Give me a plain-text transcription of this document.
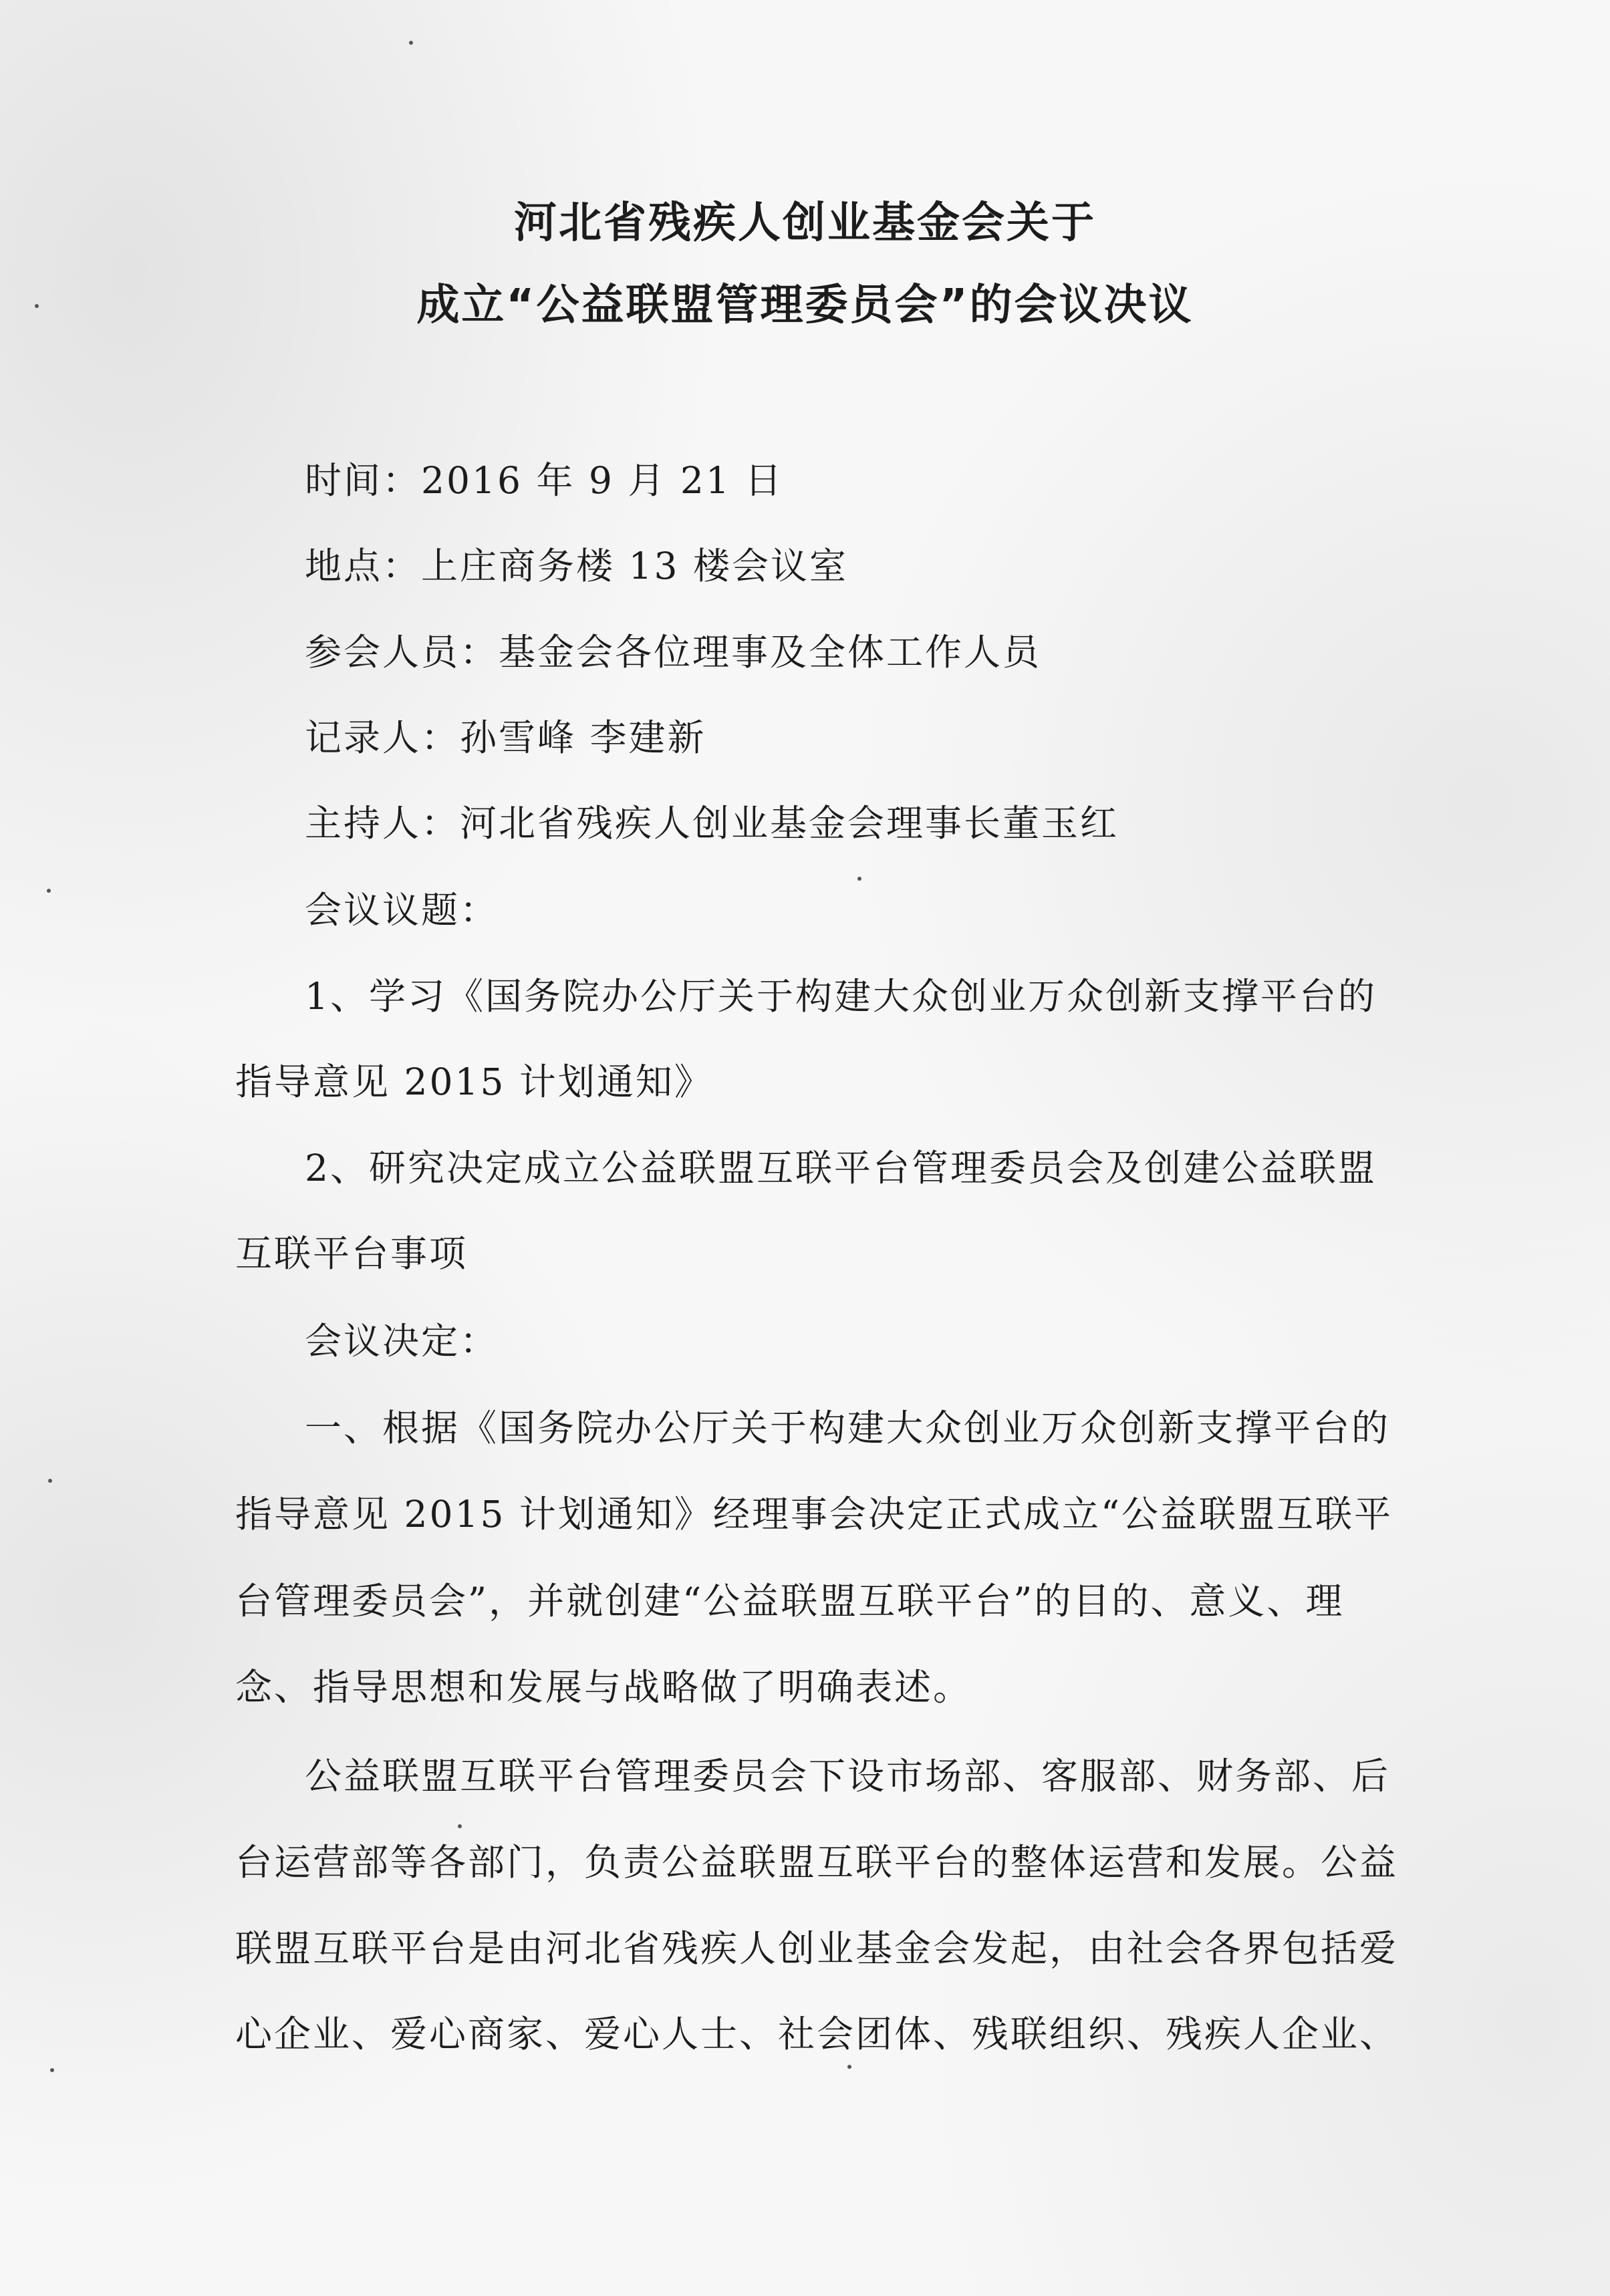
河北省残疾人创业基金会关于
成立“公益联盟管理委员会”的会议决议
时间：2016 年 9 月 21 日
地点：上庄商务楼 13 楼会议室
参会人员：基金会各位理事及全体工作人员
记录人：孙雪峰 李建新
主持人：河北省残疾人创业基金会理事长董玉红
会议议题：
1、学习《国务院办公厅关于构建大众创业万众创新支撑平台的
指导意见 2015 计划通知》
2、研究决定成立公益联盟互联平台管理委员会及创建公益联盟
互联平台事项
会议决定：
一、根据《国务院办公厅关于构建大众创业万众创新支撑平台的
指导意见 2015 计划通知》经理事会决定正式成立“公益联盟互联平
台管理委员会”，并就创建“公益联盟互联平台”的目的、意义、理
念、指导思想和发展与战略做了明确表述。
公益联盟互联平台管理委员会下设市场部、客服部、财务部、后
台运营部等各部门，负责公益联盟互联平台的整体运营和发展。公益
联盟互联平台是由河北省残疾人创业基金会发起，由社会各界包括爱
心企业、爱心商家、爱心人士、社会团体、残联组织、残疾人企业、
